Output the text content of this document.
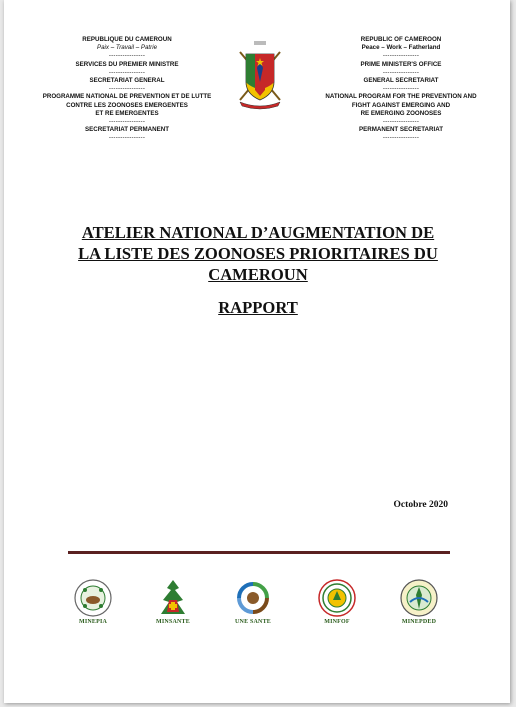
REPUBLIQUE DU CAMEROUN
Paix – Travail – Patrie
----------------
SERVICES DU PREMIER MINISTRE
----------------
SECRETARIAT GENERAL
----------------
PROGRAMME NATIONAL DE PREVENTION ET DE LUTTE
CONTRE LES ZOONOSES EMERGENTES
ET RE EMERGENTES
----------------
SECRETARIAT PERMANENT
----------------
REPUBLIC OF CAMEROON
Peace – Work – Fatherland
----------------
PRIME MINISTER'S OFFICE
----------------
GENERAL SECRETARIAT
----------------
NATIONAL PROGRAM FOR THE PREVENTION AND
FIGHT AGAINST EMERGING AND
RE EMERGING ZOONOSES
----------------
PERMANENT SECRETARIAT
----------------
ATELIER NATIONAL D’AUGMENTATION DE
LA LISTE DES ZOONOSES PRIORITAIRES DU
CAMEROUN
RAPPORT
Octobre 2020
MINEPIA	MINSANTE	UNE SANTE	MINFOF	MINEPDED
